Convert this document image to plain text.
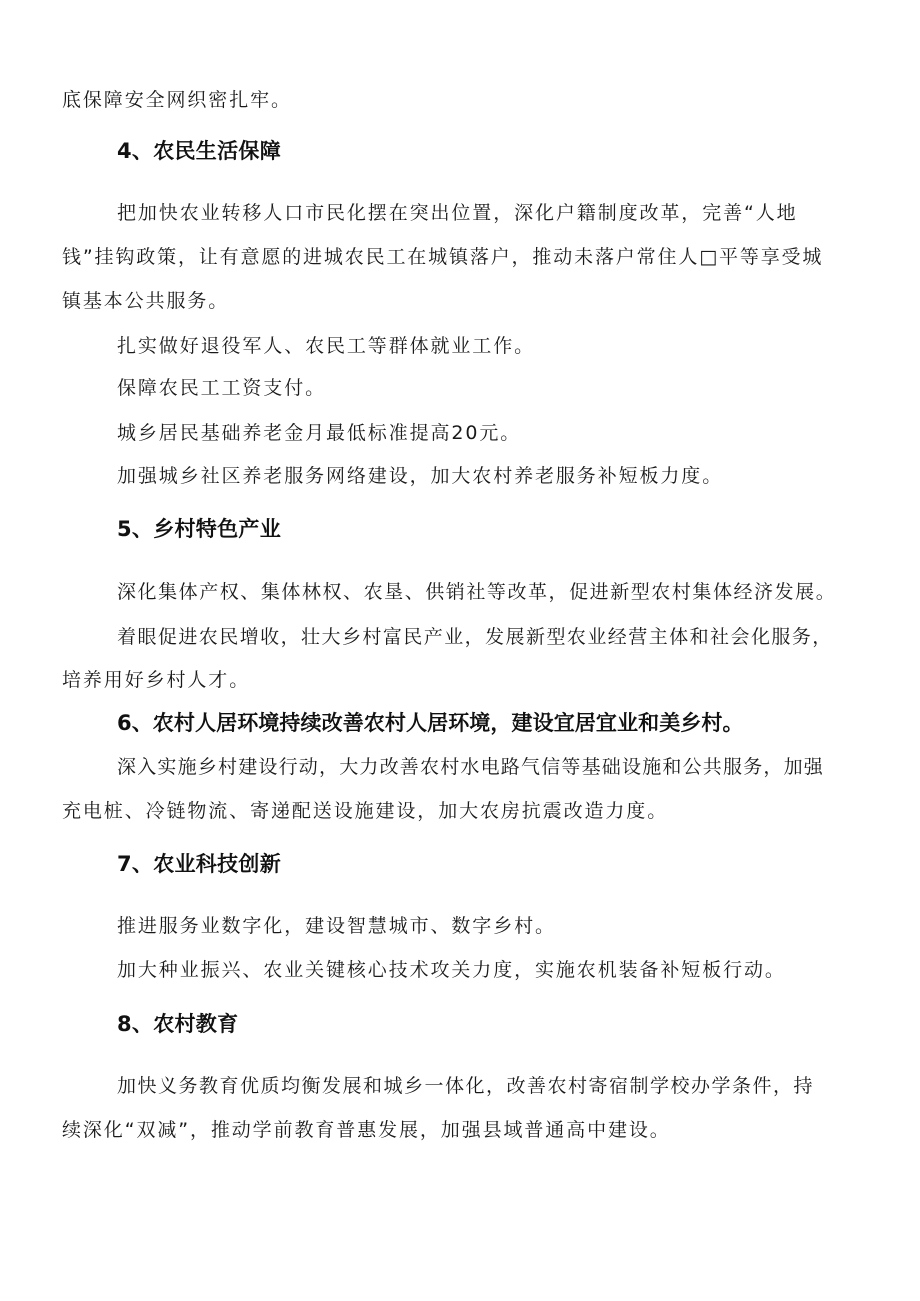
底保障安全网织密扎牢。
4、农民生活保障
把加快农业转移人口市民化摆在突出位置，深化户籍制度改革，完善“人地
钱”挂钩政策，让有意愿的进城农民工在城镇落户，推动未落户常住人□平等享受城
镇基本公共服务。
扎实做好退役军人、农民工等群体就业工作。
保障农民工工资支付。
城乡居民基础养老金月最低标准提高20元。
加强城乡社区养老服务网络建设，加大农村养老服务补短板力度。
5、乡村特色产业
深化集体产权、集体林权、农垦、供销社等改革，促进新型农村集体经济发展。
着眼促进农民增收，壮大乡村富民产业，发展新型农业经营主体和社会化服务，
培养用好乡村人才。
6、农村人居环境持续改善农村人居环境，建设宜居宜业和美乡村。
深入实施乡村建设行动，大力改善农村水电路气信等基础设施和公共服务，加强
充电桩、冷链物流、寄递配送设施建设，加大农房抗震改造力度。
7、农业科技创新
推进服务业数字化，建设智慧城市、数字乡村。
加大种业振兴、农业关键核心技术攻关力度，实施农机装备补短板行动。
8、农村教育
加快义务教育优质均衡发展和城乡一体化，改善农村寄宿制学校办学条件，持
续深化“双减”，推动学前教育普惠发展，加强县域普通高中建设。
